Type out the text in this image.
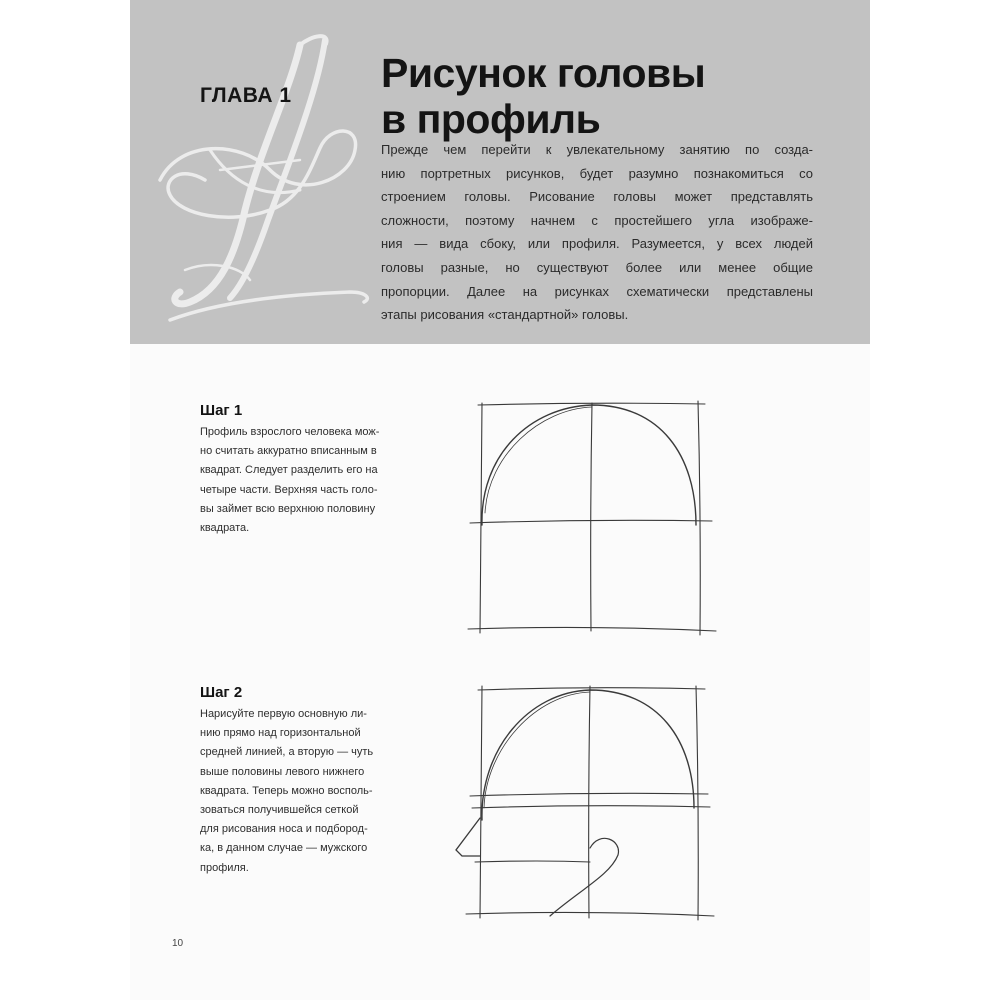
ГЛАВА 1 Рисунок головы
в профиль
Прежде чем перейти к увлекательному занятию по созда-
нию портретных рисунков, будет разумно познакомиться со
строением головы. Рисование головы может представлять
сложности, поэтому начнем с простейшего угла изображе-
ния — вида сбоку, или профиля. Разумеется, у всех людей
головы разные, но существуют более или менее общие
пропорции. Далее на рисунках схематически представлены
этапы рисования «стандартной» головы.
Шаг 1
Профиль взрослого человека мож-
но считать аккуратно вписанным в
квадрат. Следует разделить его на
четыре части. Верхняя часть голо-
вы займет всю верхнюю половину
квадрата.
Шаг 2
Нарисуйте первую основную ли-
нию прямо над горизонтальной
средней линией, а вторую — чуть
выше половины левого нижнего
квадрата. Теперь можно восполь-
зоваться получившейся сеткой
для рисования носа и подбород-
ка, в данном случае — мужского
профиля.
10
